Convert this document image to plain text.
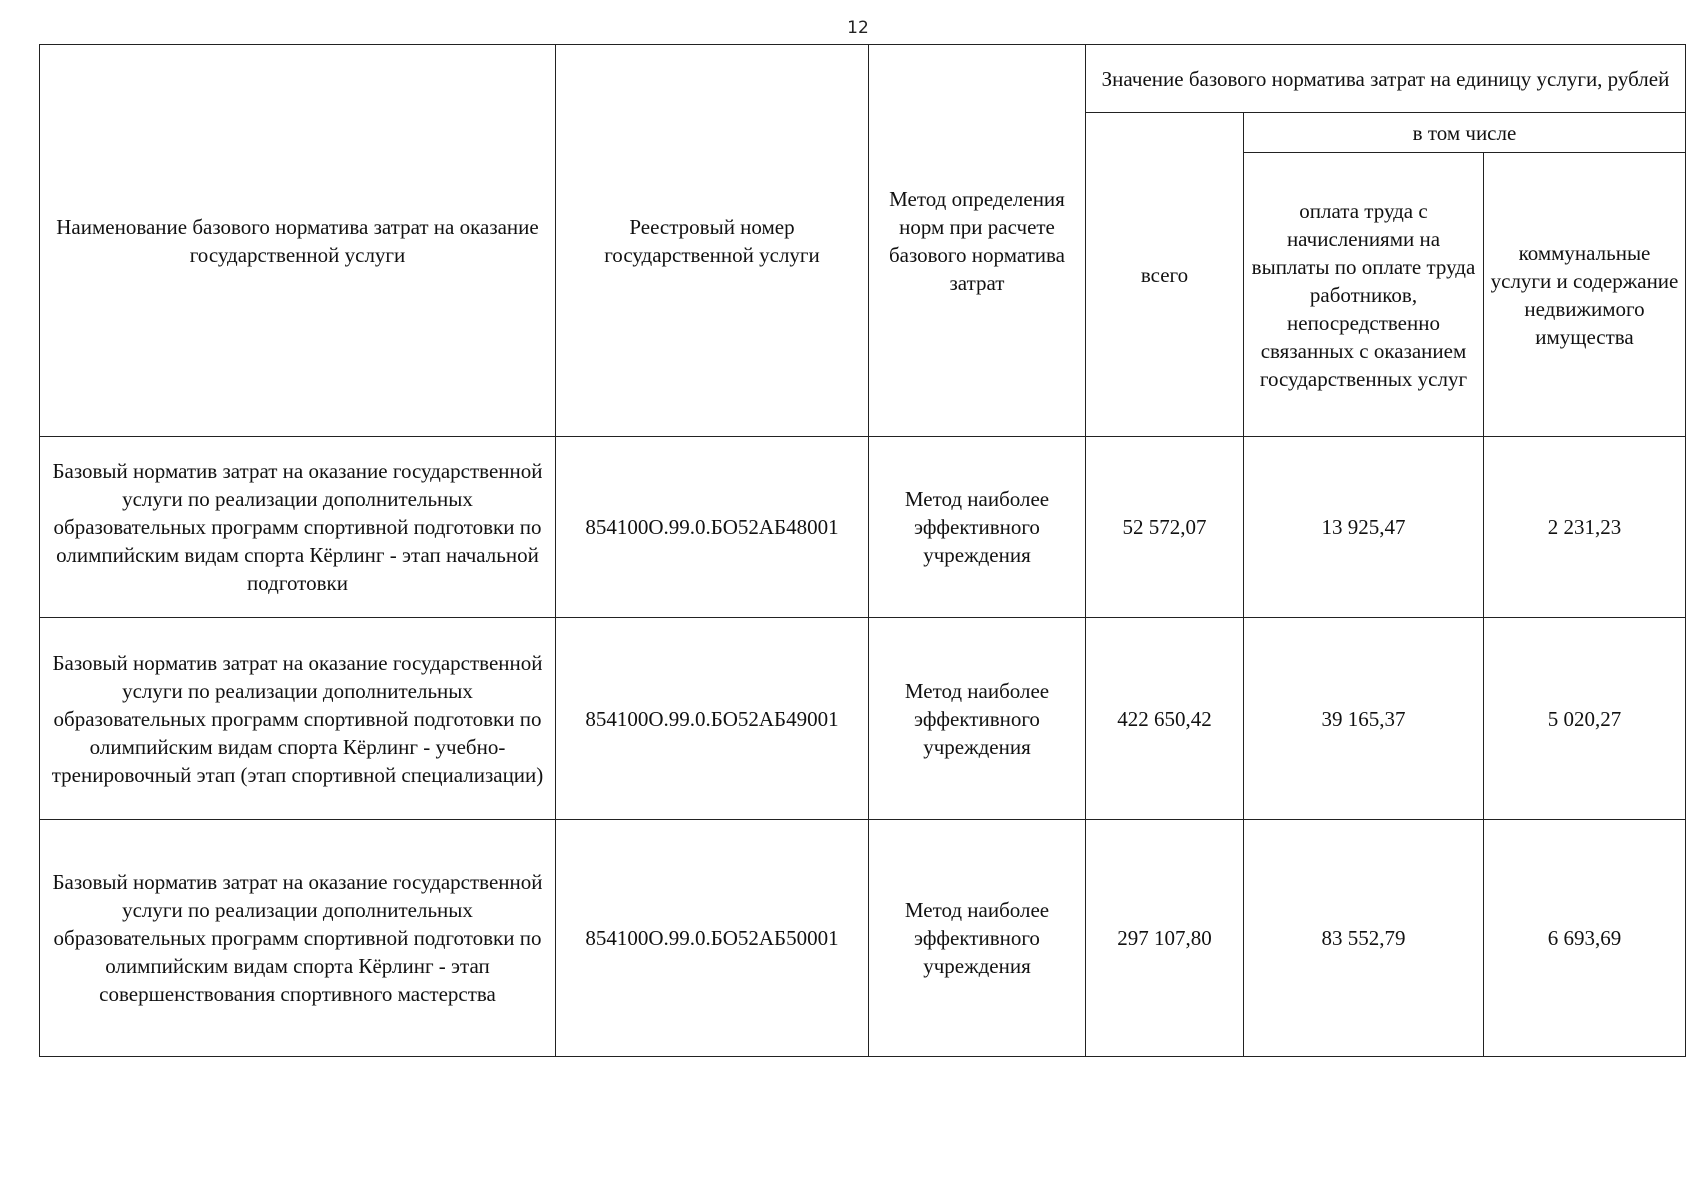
12
Наименование базового норматива затрат на оказание государственной услуги	Реестровый номер государственной услуги	Метод определения норм при расчете базового норматива затрат	Значение базового норматива затрат на единицу услуги, рублей		
			всего	в том числе	
				оплата труда с начислениями на выплаты по оплате труда работников, непосредственно связанных с оказанием государственных услуг	коммунальные услуги и содержание недвижимого имущества
Базовый норматив затрат на оказание государственной услуги по реализации дополнительных образовательных программ спортивной подготовки по олимпийским видам спорта Кёрлинг - этап начальной подготовки	854100О.99.0.БО52АБ48001	Метод наиболее эффективного учреждения	52 572,07	13 925,47	2 231,23
Базовый норматив затрат на оказание государственной услуги по реализации дополнительных образовательных программ спортивной подготовки по олимпийским видам спорта Кёрлинг - учебно-тренировочный этап (этап спортивной специализации)	854100О.99.0.БО52АБ49001	Метод наиболее эффективного учреждения	422 650,42	39 165,37	5 020,27
Базовый норматив затрат на оказание государственной услуги по реализации дополнительных образовательных программ спортивной подготовки по олимпийским видам спорта Кёрлинг - этап совершенствования спортивного мастерства	854100О.99.0.БО52АБ50001	Метод наиболее эффективного учреждения	297 107,80	83 552,79	6 693,69
